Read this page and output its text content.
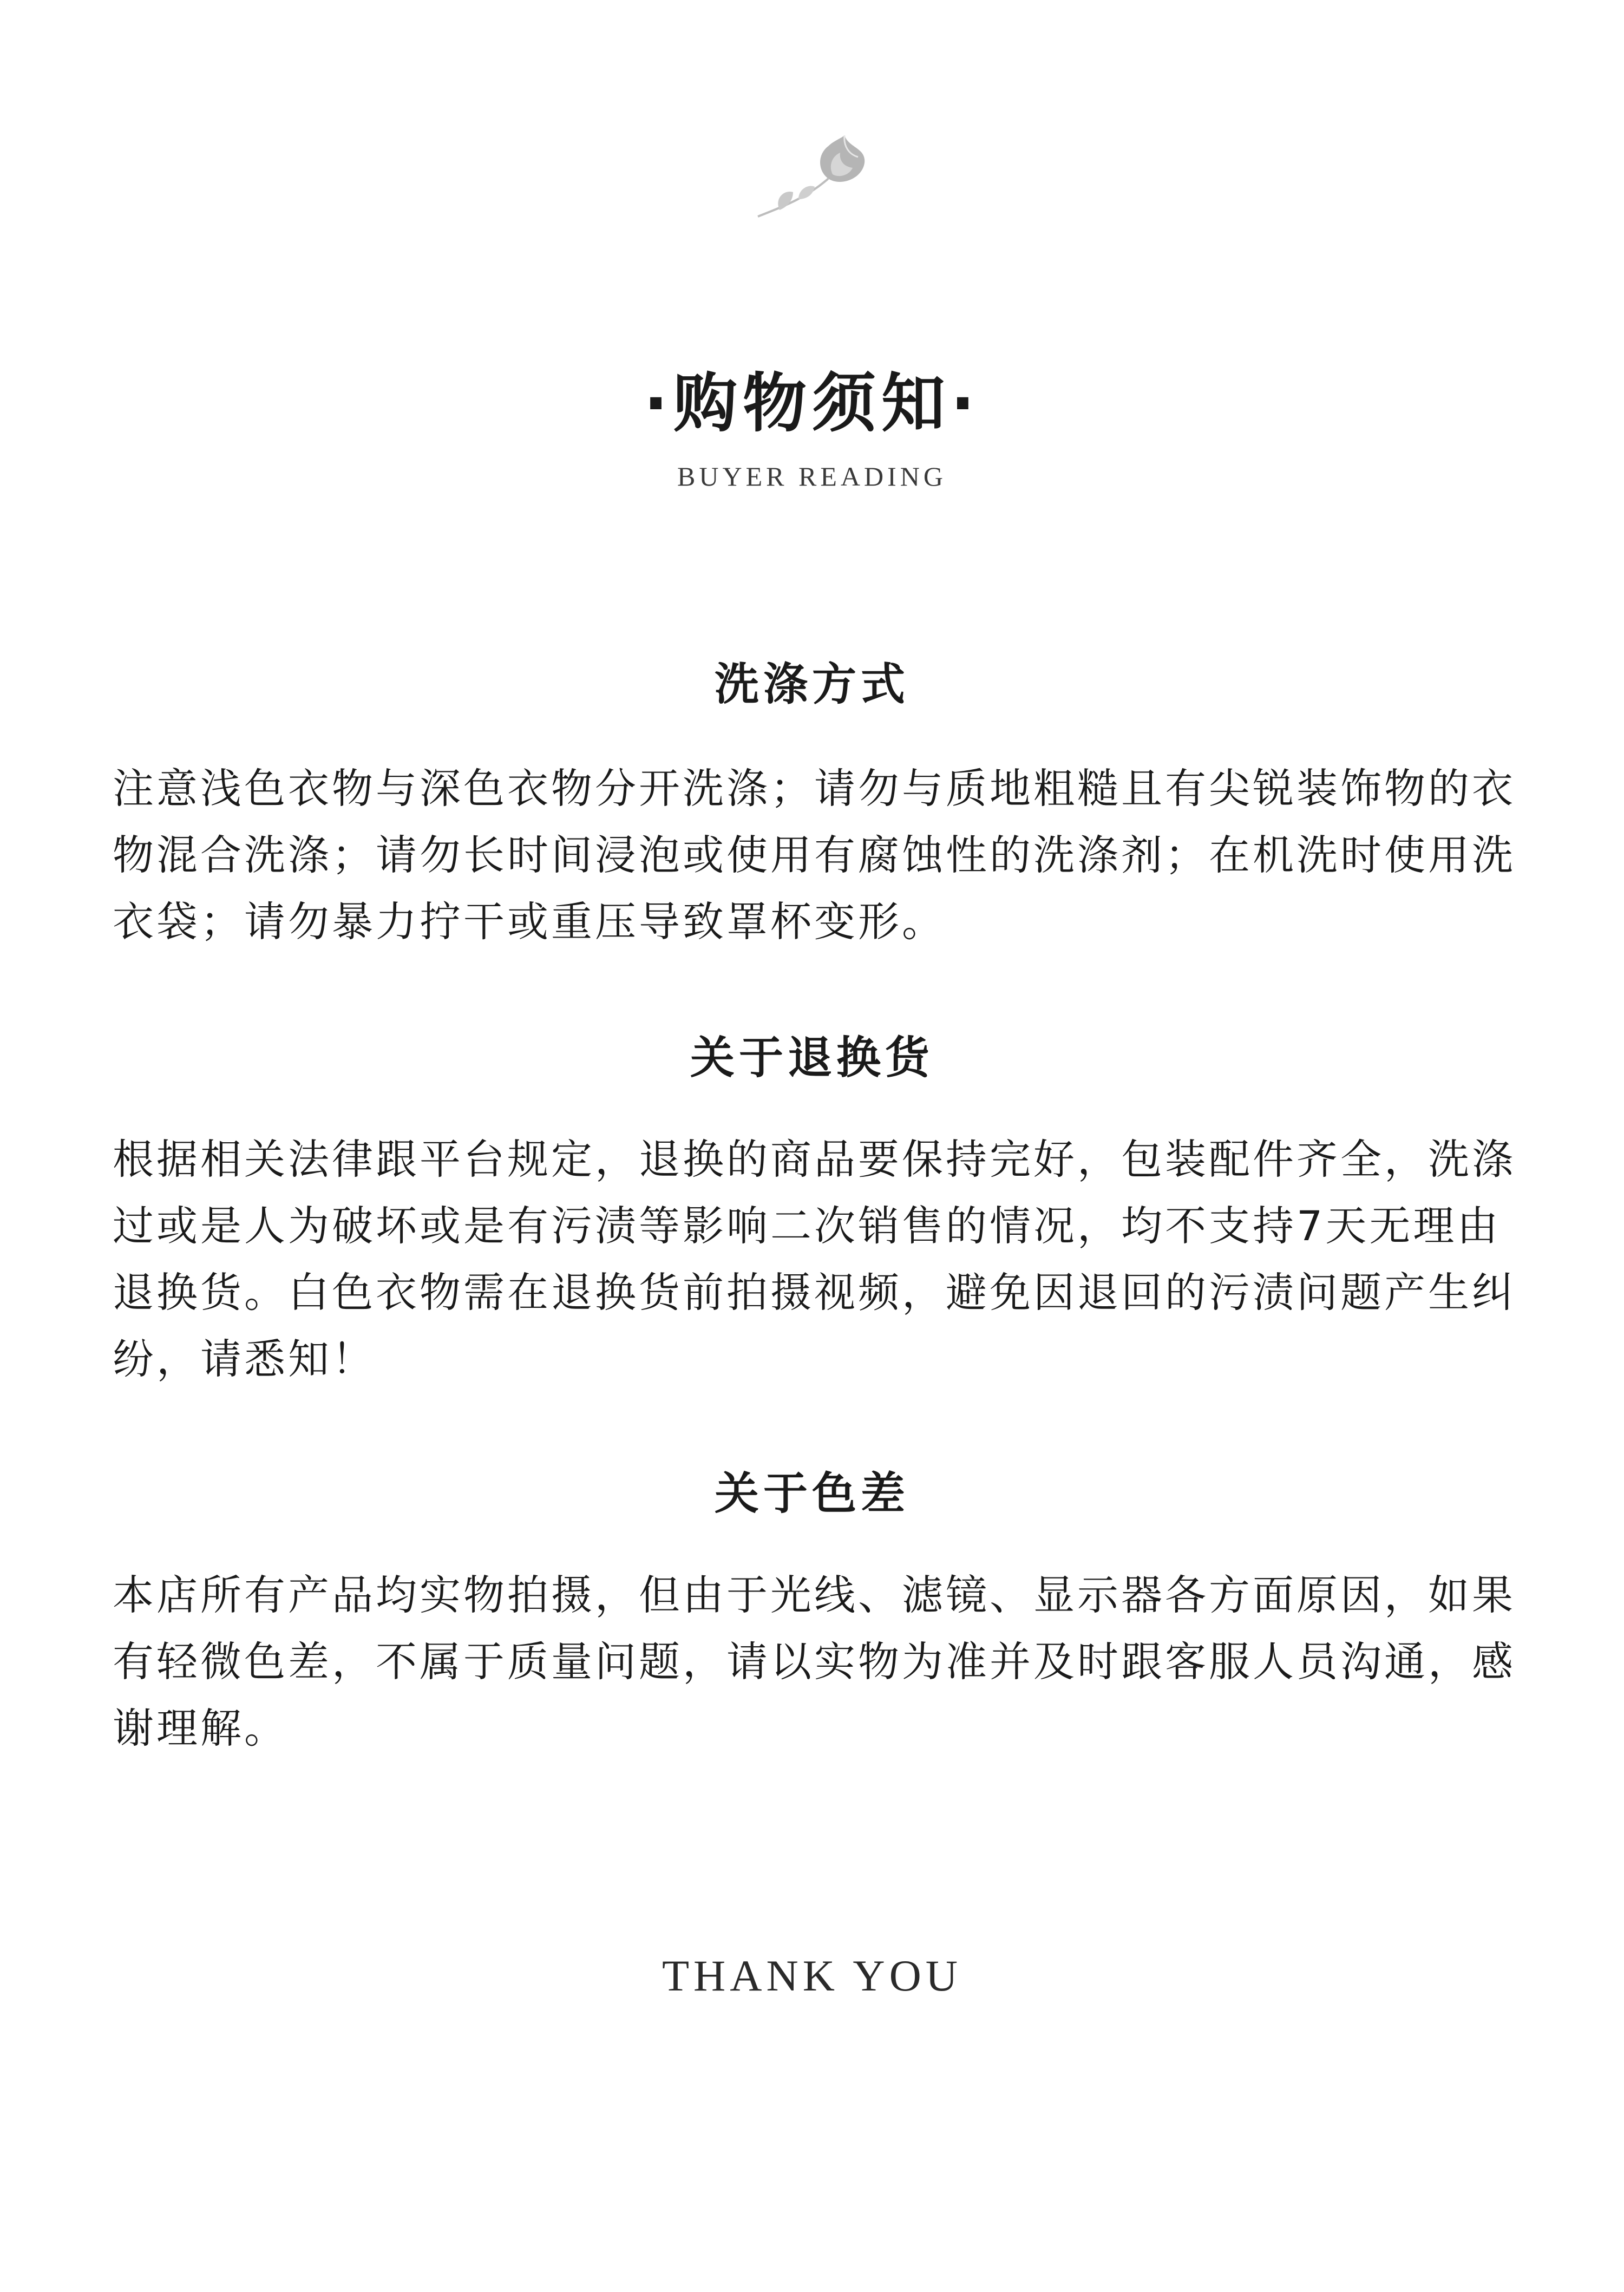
·购物须知·
BUYER READING
洗涤方式

注意浅色衣物与深色衣物分开洗涤；请勿与质地粗糙且有尖锐装饰物的衣物混合洗涤；请勿长时间浸泡或使用有腐蚀性的洗涤剂；在机洗时使用洗衣袋；请勿暴力拧干或重压导致罩杯变形。

关于退换货

根据相关法律跟平台规定，退换的商品要保持完好，包装配件齐全，洗涤过或是人为破坏或是有污渍等影响二次销售的情况，均不支持7天无理由退换货。白色衣物需在退换货前拍摄视频，避免因退回的污渍问题产生纠纷，请悉知！

关于色差

本店所有产品均实物拍摄，但由于光线、滤镜、显示器各方面原因，如果有轻微色差，不属于质量问题，请以实物为准并及时跟客服人员沟通，感谢理解。

THANK YOU
